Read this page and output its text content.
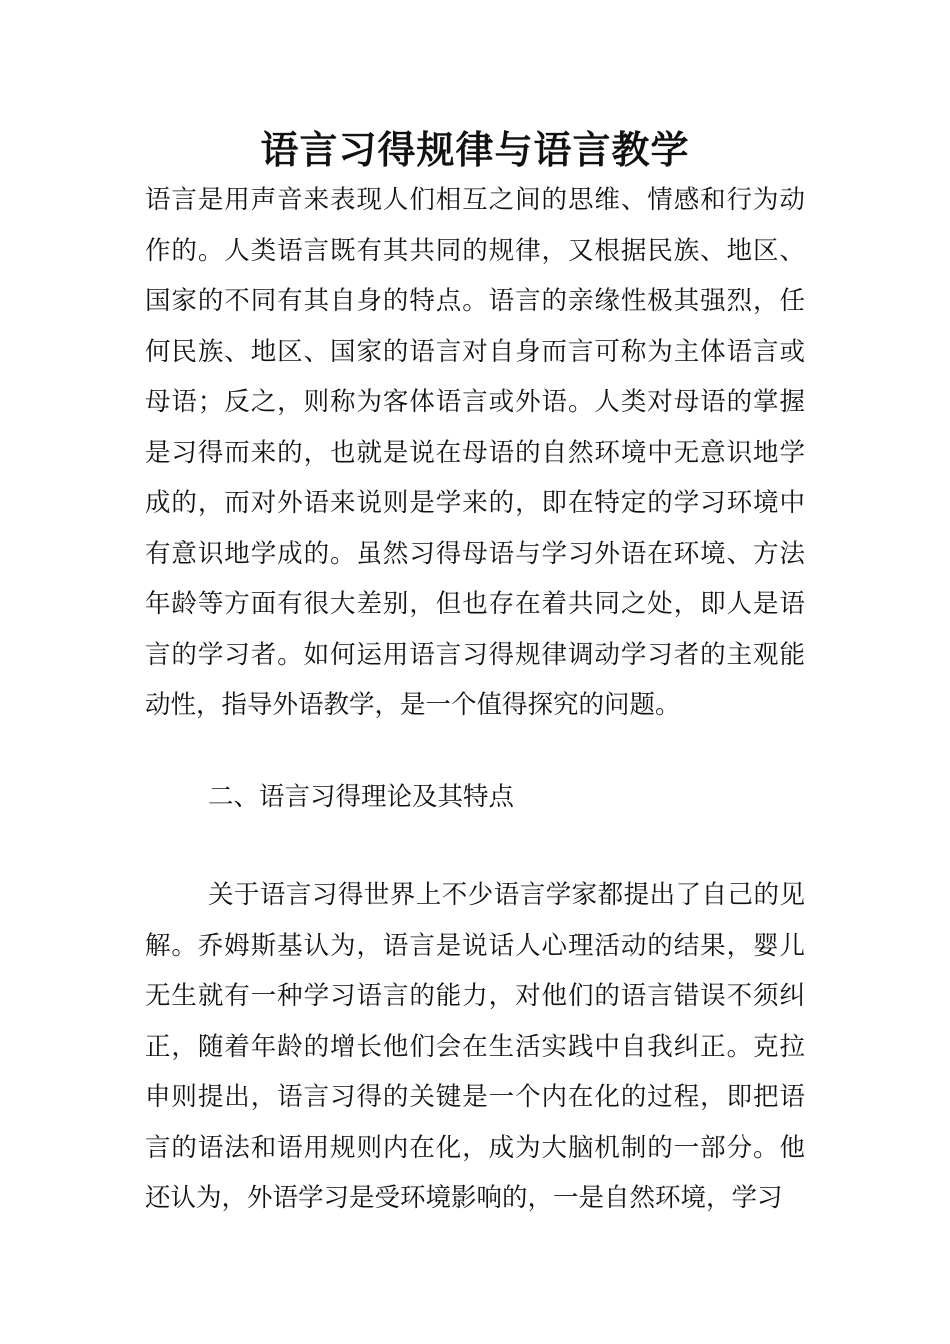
语言习得规律与语言教学

语言是用声音来表现人们相互之间的思维、情感和行为动作的。人类语言既有其共同的规律，又根据民族、地区、国家的不同有其自身的特点。语言的亲缘性极其强烈，任何民族、地区、国家的语言对自身而言可称为主体语言或母语；反之，则称为客体语言或外语。人类对母语的掌握是习得而来的，也就是说在母语的自然环境中无意识地学成的，而对外语来说则是学来的，即在特定的学习环境中有意识地学成的。虽然习得母语与学习外语在环境、方法年龄等方面有很大差别，但也存在着共同之处，即人是语言的学习者。如何运用语言习得规律调动学习者的主观能动性，指导外语教学，是一个值得探究的问题。

二、语言习得理论及其特点

关于语言习得世界上不少语言学家都提出了自己的见解。乔姆斯基认为，语言是说话人心理活动的结果，婴儿无生就有一种学习语言的能力，对他们的语言错误不须纠正，随着年龄的增长他们会在生活实践中自我纠正。克拉申则提出，语言习得的关键是一个内在化的过程，即把语言的语法和语用规则内在化，成为大脑机制的一部分。他还认为，外语学习是受环境影响的，一是自然环境，学习
